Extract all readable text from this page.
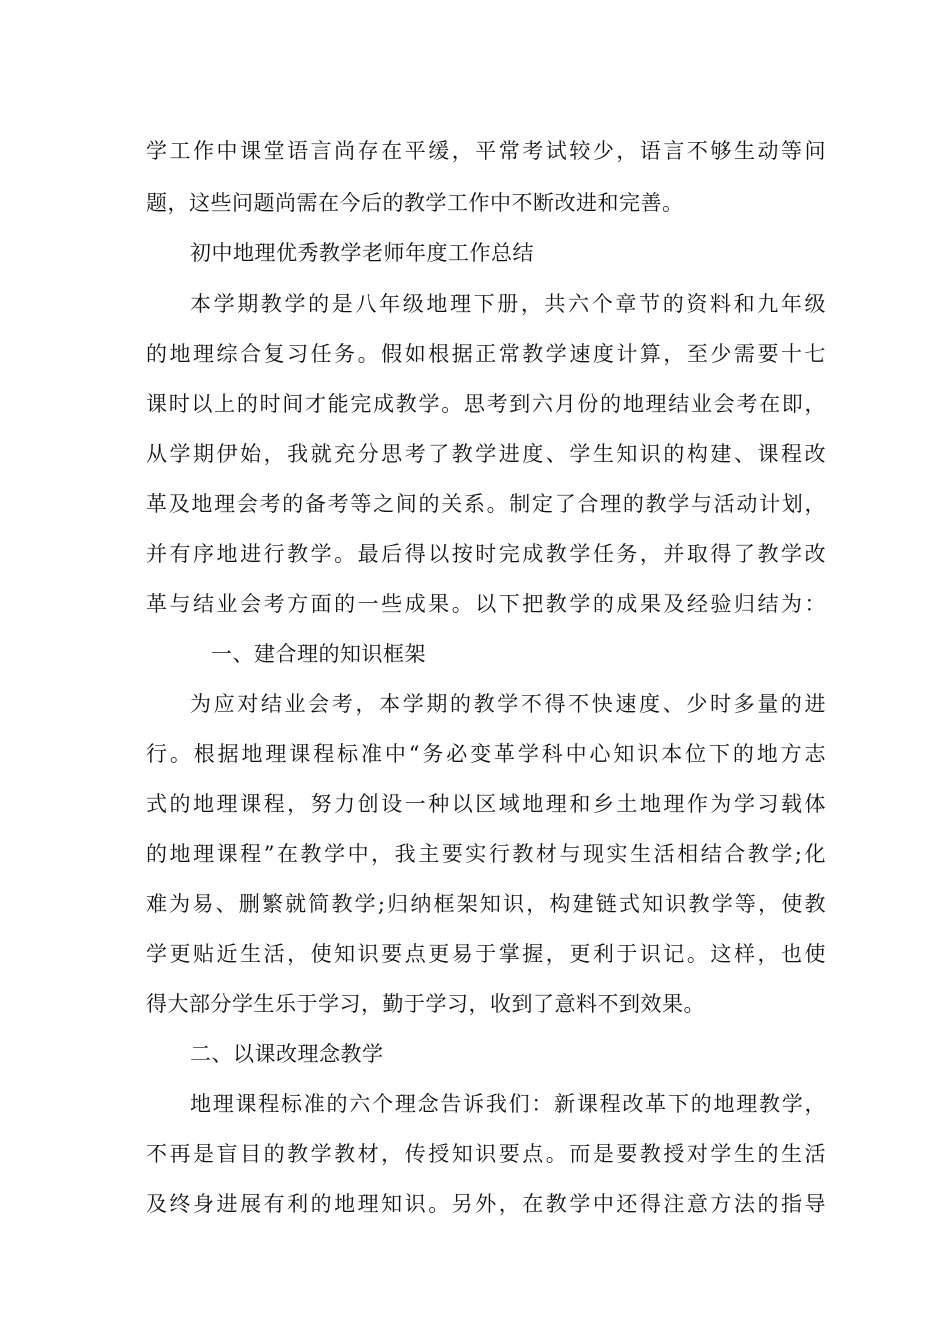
学工作中课堂语言尚存在平缓，平常考试较少，语言不够生动等问
题，这些问题尚需在今后的教学工作中不断改进和完善。
初中地理优秀教学老师年度工作总结
本学期教学的是八年级地理下册，共六个章节的资料和九年级
的地理综合复习任务。假如根据正常教学速度计算，至少需要十七
课时以上的时间才能完成教学。思考到六月份的地理结业会考在即，
从学期伊始，我就充分思考了教学进度、学生知识的构建、课程改
革及地理会考的备考等之间的关系。制定了合理的教学与活动计划，
并有序地进行教学。最后得以按时完成教学任务，并取得了教学改
革与结业会考方面的一些成果。以下把教学的成果及经验归结为：
一、建合理的知识框架
为应对结业会考，本学期的教学不得不快速度、少时多量的进
行。根据地理课程标准中“务必变革学科中心知识本位下的地方志
式的地理课程，努力创设一种以区域地理和乡土地理作为学习载体
的地理课程”在教学中，我主要实行教材与现实生活相结合教学;化
难为易、删繁就简教学;归纳框架知识，构建链式知识教学等，使教
学更贴近生活，使知识要点更易于掌握，更利于识记。这样，也使
得大部分学生乐于学习，勤于学习，收到了意料不到效果。
二、以课改理念教学
地理课程标准的六个理念告诉我们：新课程改革下的地理教学，
不再是盲目的教学教材，传授知识要点。而是要教授对学生的生活
及终身进展有利的地理知识。另外，在教学中还得注意方法的指导
